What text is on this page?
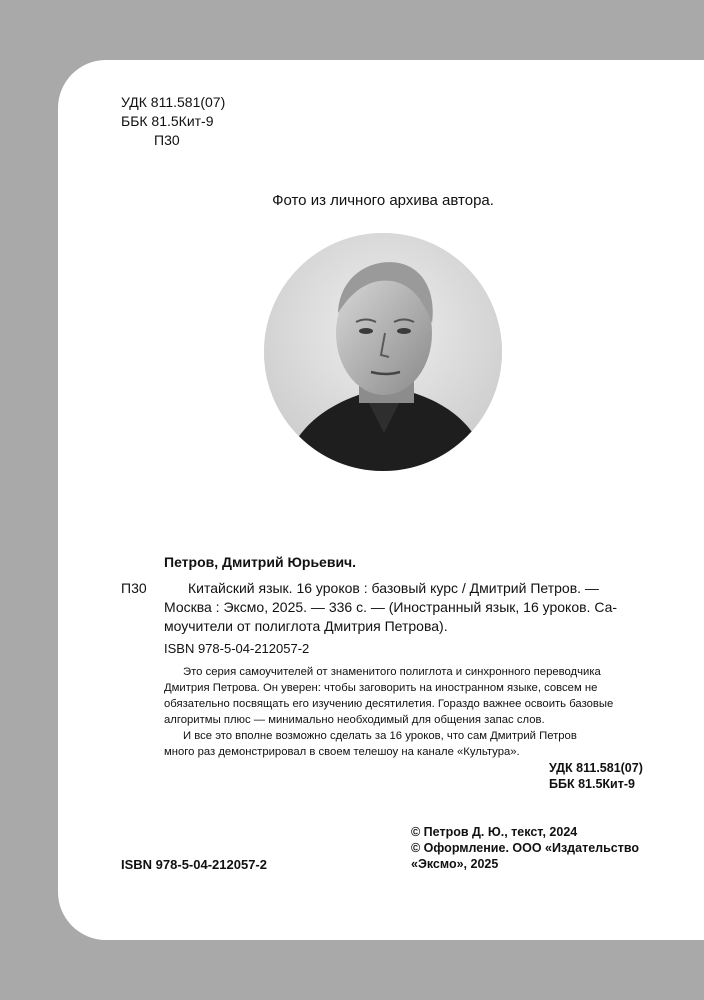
УДК 811.581(07)
ББК 81.5Кит-9
П30
Фото из личного архива автора.
Петров, Дмитрий Юрьевич.
П30	Китайский язык. 16 уроков : базовый курс / Дмитрий Петров. —
Москва : Эксмо, 2025. — 336 с. — (Иностранный язык, 16 уроков. Са-
моучители от полиглота Дмитрия Петрова).
ISBN 978-5-04-212057-2
Это серия самоучителей от знаменитого полиглота и синхронного переводчика
Дмитрия Петрова. Он уверен: чтобы заговорить на иностранном языке, совсем не
обязательно посвящать его изучению десятилетия. Гораздо важнее освоить базовые
алгоритмы плюс — минимально необходимый для общения запас слов.
И все это вполне возможно сделать за 16 уроков, что сам Дмитрий Петров
много раз демонстрировал в своем телешоу на канале «Культура».
УДК 811.581(07)
ББК 81.5Кит-9
© Петров Д. Ю., текст, 2024
© Оформление. ООО «Издательство
«Эксмо», 2025
ISBN 978-5-04-212057-2
